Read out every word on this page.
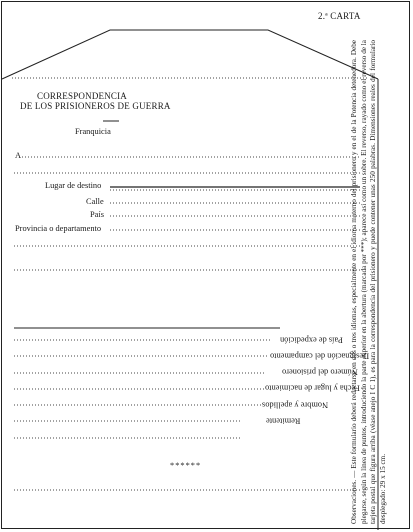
2.ª CARTA
CORRESPONDENCIA
DE LOS PRISIONEROS DE GUERRA
Franquicia
A
Lugar de destino
Calle
País
Provincia o departamento
País de expedición
Designación del campamento
Número del prisionero
Fecha y lugar de nacimiento
Nombre y apellidos
Remitente
******	Observaciones. — Este formulario deberá redactarse en dos o tres idiomas, especialmente en el idioma materno del prisionero y en el de la Potencia detenedora. Debe plegarse, según la línea de puntos, introduciendo la parte superior en la abertura (marcada por ***); aparece así como un sobre. El reverso, rayado como el reverso de la tarjeta postal que figura arriba (véase anejo I C 1), es para la correspondencia del prisionero y puede contener unas 250 palabras. Dimensiones reales del formulario desplegado: 29 x 15 cm.
